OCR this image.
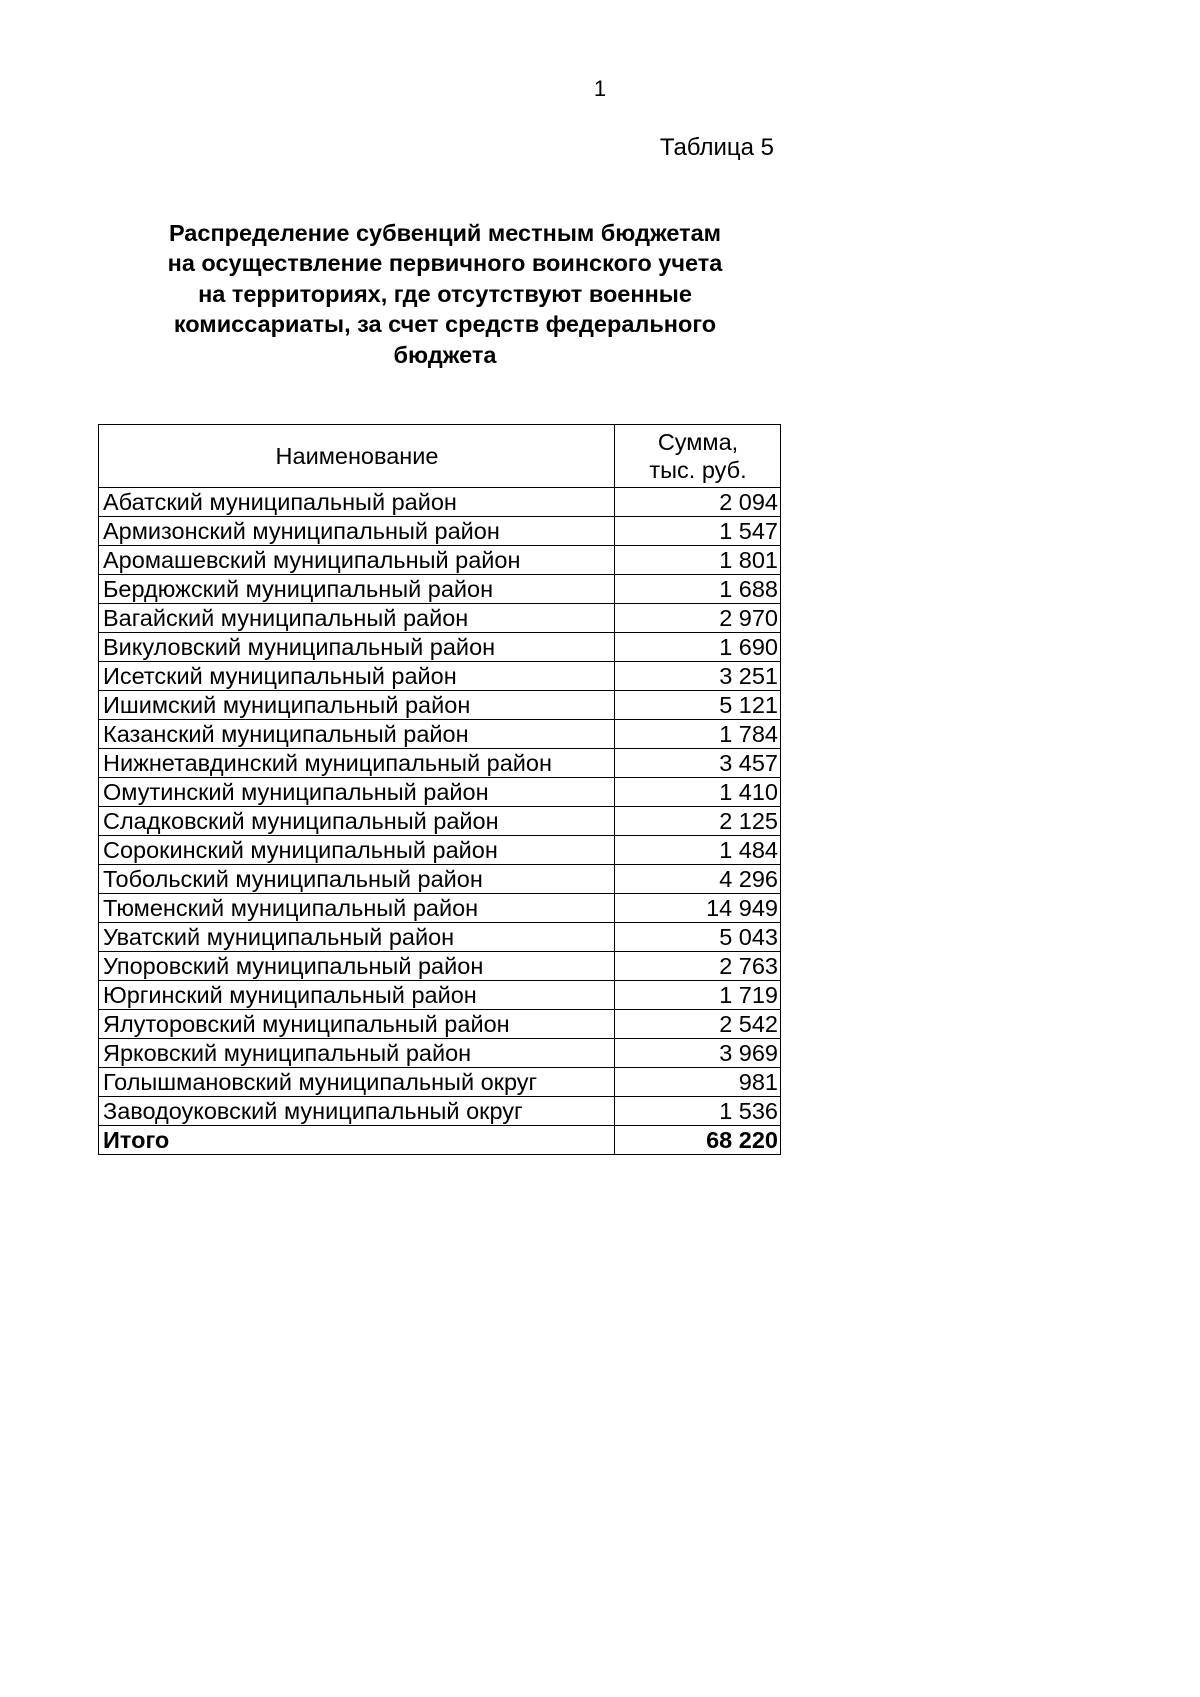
1
Таблица 5
Распределение субвенций местным бюджетам
на осуществление первичного воинского учета
на территориях, где отсутствуют военные
комиссариаты, за счет средств федерального
бюджета
Наименование	Сумма,
тыс. руб.

Абатский муниципальный район	2 094
Армизонский муниципальный район	1 547
Аромашевский муниципальный район	1 801
Бердюжский муниципальный район	1 688
Вагайский муниципальный район	2 970
Викуловский муниципальный район	1 690
Исетский муниципальный район	3 251
Ишимский муниципальный район	5 121
Казанский муниципальный район	1 784
Нижнетавдинский муниципальный район	3 457
Омутинский муниципальный район	1 410
Сладковский муниципальный район	2 125
Сорокинский муниципальный район	1 484
Тобольский муниципальный район	4 296
Тюменский муниципальный район	14 949
Уватский муниципальный район	5 043
Упоровский муниципальный район	2 763
Юргинский муниципальный район	1 719
Ялуторовский муниципальный район	2 542
Ярковский муниципальный район	3 969
Голышмановский муниципальный округ	981
Заводоуковский муниципальный округ	1 536
Итого	68 220
